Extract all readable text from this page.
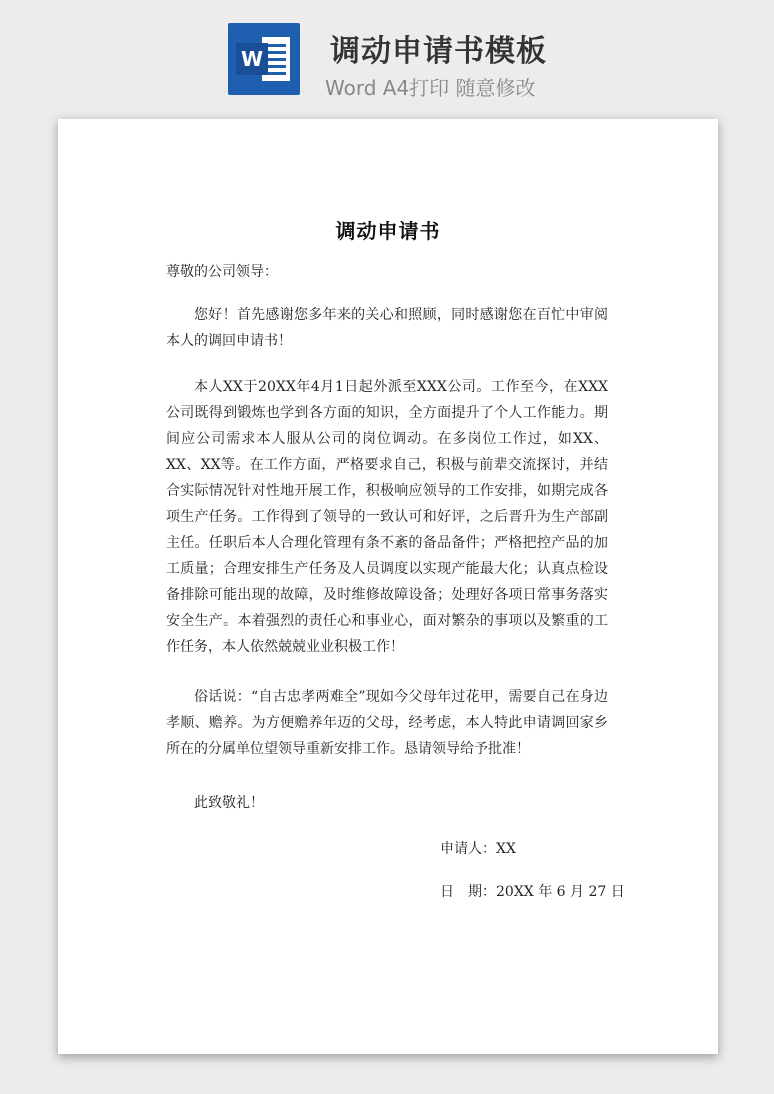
W 调动申请书模板
Word A4打印 随意修改
调动申请书
尊敬的公司领导：

您好！首先感谢您多年来的关心和照顾，同时感谢您在百忙中审阅本人的调回申请书！

本人XX于20XX年4月1日起外派至XXX公司。工作至今，在XXX公司既得到锻炼也学到各方面的知识，全方面提升了个人工作能力。期间应公司需求本人服从公司的岗位调动。在多岗位工作过，如XX、XX、XX等。在工作方面，严格要求自己，积极与前辈交流探讨，并结合实际情况针对性地开展工作，积极响应领导的工作安排，如期完成各项生产任务。工作得到了领导的一致认可和好评，之后晋升为生产部副主任。任职后本人合理化管理有条不紊的备品备件；严格把控产品的加工质量；合理安排生产任务及人员调度以实现产能最大化；认真点检设备排除可能出现的故障，及时维修故障设备；处理好各项日常事务落实安全生产。本着强烈的责任心和事业心，面对繁杂的事项以及繁重的工作任务，本人依然兢兢业业积极工作！

俗话说：“自古忠孝两难全”现如今父母年过花甲，需要自己在身边孝顺、赡养。为方便赡养年迈的父母，经考虑，本人特此申请调回家乡所在的分属单位望领导重新安排工作。恳请领导给予批准！

此致敬礼！
申请人：XX
日　期：20XX 年 6 月 27 日
